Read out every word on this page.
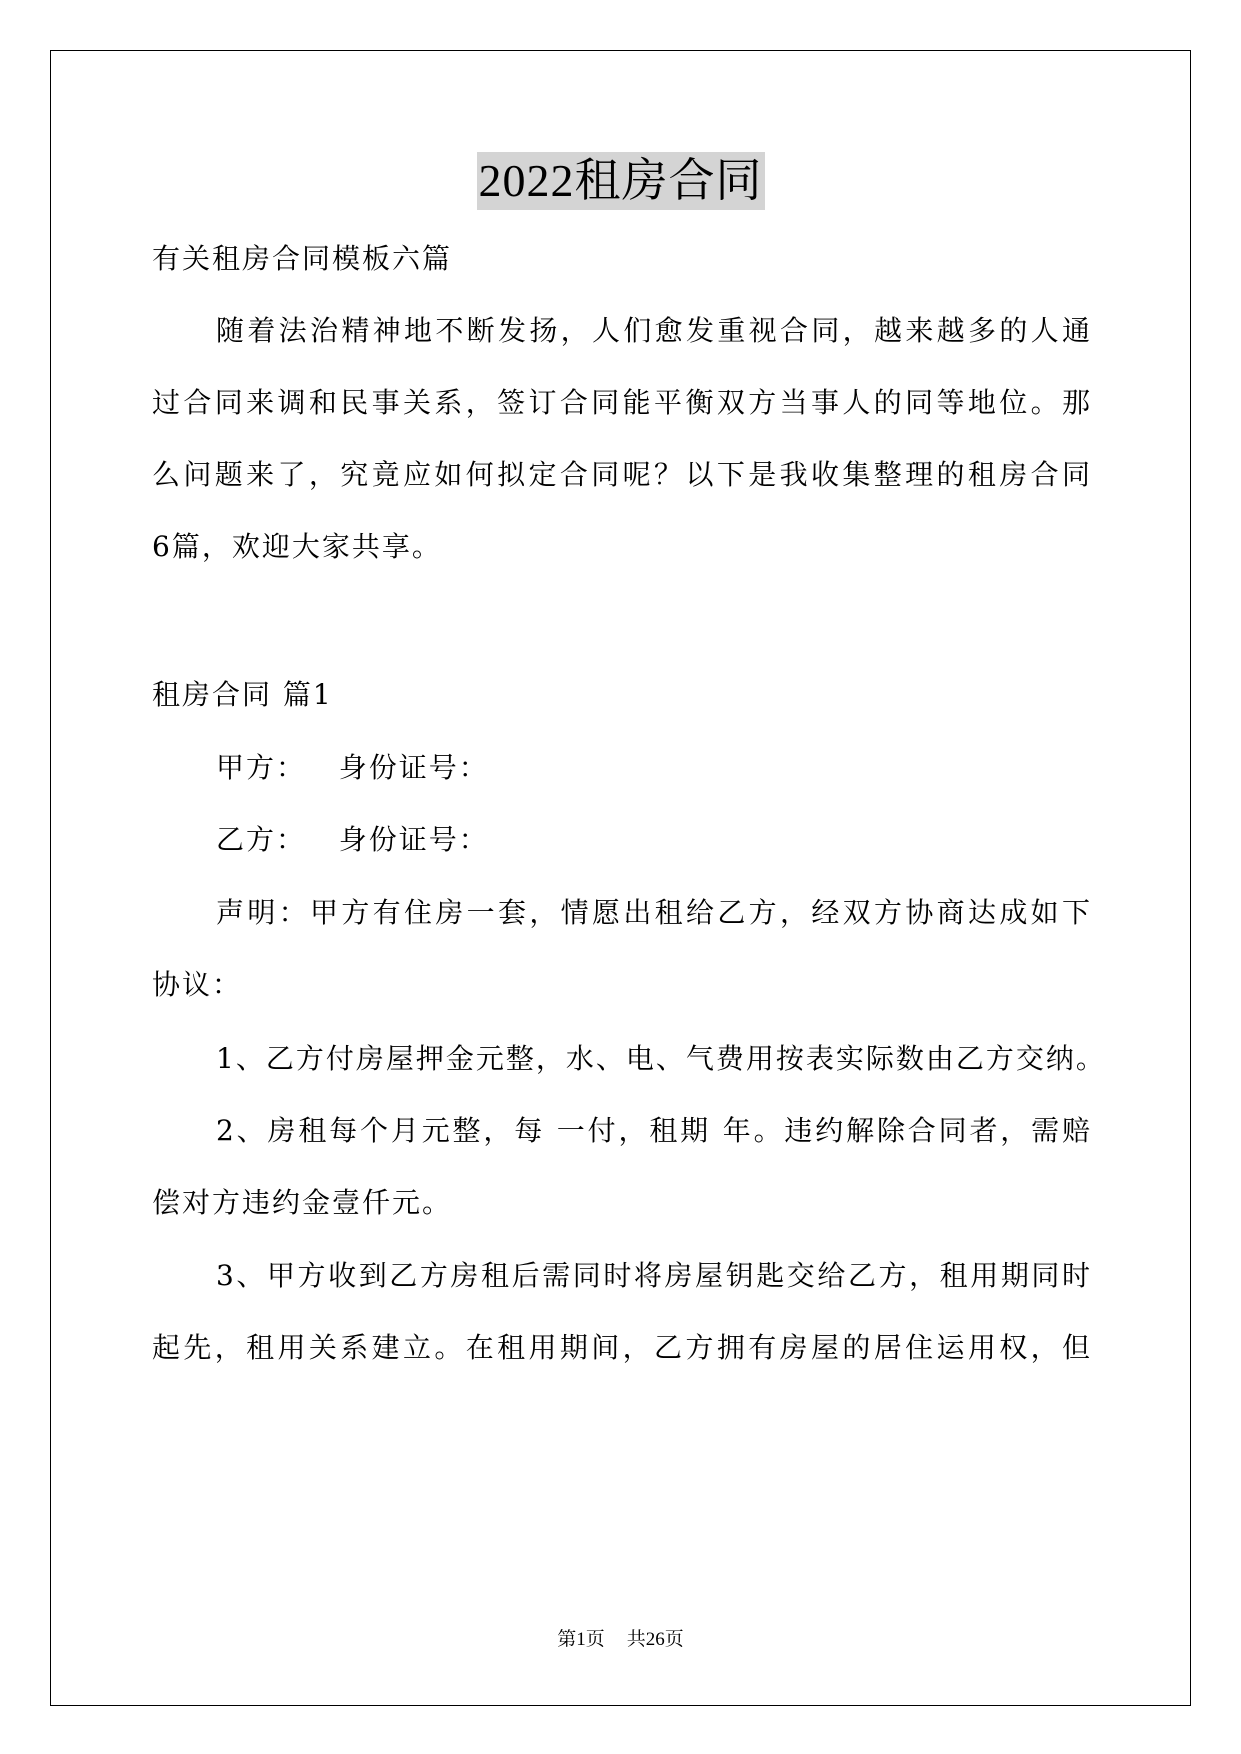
2022租房合同
有关租房合同模板六篇
随着法治精神地不断发扬，人们愈发重视合同，越来越多的人通
过合同来调和民事关系，签订合同能平衡双方当事人的同等地位。那
么问题来了，究竟应如何拟定合同呢？以下是我收集整理的租房合同
6篇，欢迎大家共享。
租房合同 篇1
甲方：   身份证号：
乙方：   身份证号：
声明：甲方有住房一套，情愿出租给乙方，经双方协商达成如下
协议：
1、乙方付房屋押金元整，水、电、气费用按表实际数由乙方交纳。
2、房租每个月元整，每 一付，租期 年。违约解除合同者，需赔
偿对方违约金壹仟元。
3、甲方收到乙方房租后需同时将房屋钥匙交给乙方，租用期同时
起先，租用关系建立。在租用期间，乙方拥有房屋的居住运用权，但
第1页 共26页
